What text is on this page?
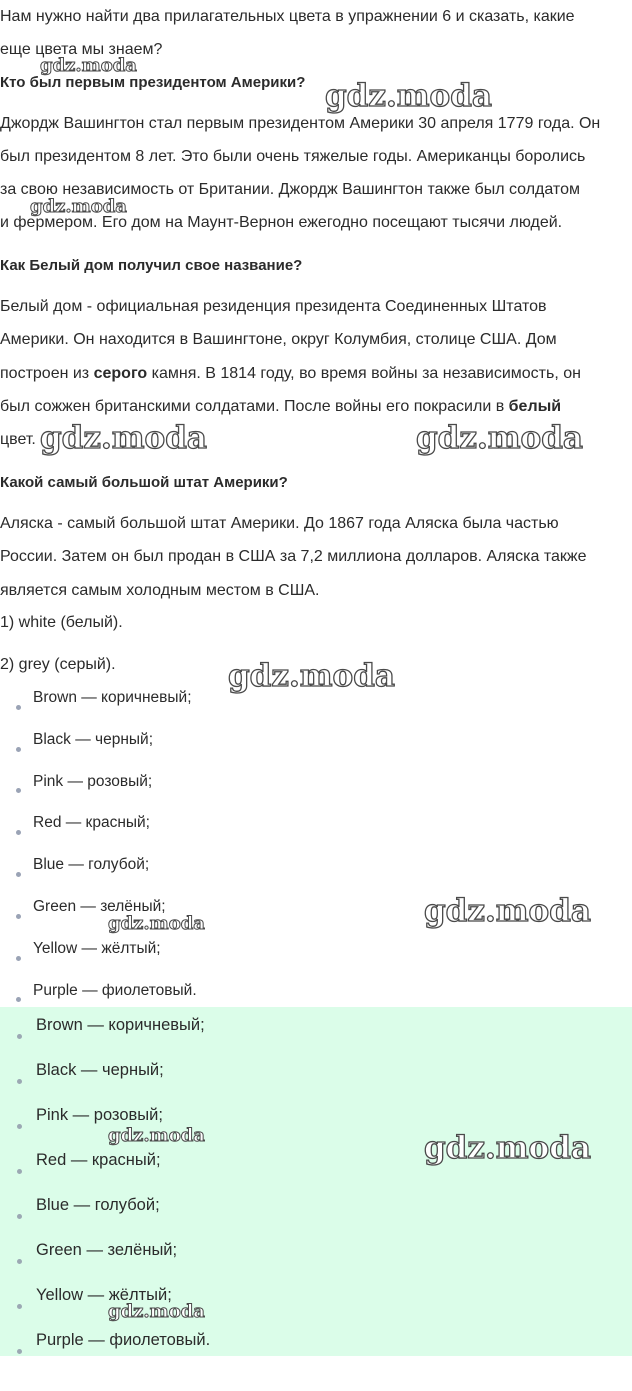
Нам нужно найти два прилагательных цвета в упражнении 6 и сказать, какие

еще цвета мы знаем?

Кто был первым президентом Америки?

Джордж Вашингтон стал первым президентом Америки 30 апреля 1779 года. Он

был президентом 8 лет. Это были очень тяжелые годы. Американцы боролись

за свою независимость от Британии. Джордж Вашингтон также был солдатом

и фермером. Его дом на Маунт-Вернон ежегодно посещают тысячи людей.

Как Белый дом получил свое название?

Белый дом - официальная резиденция президента Соединенных Штатов

Америки. Он находится в Вашингтоне, округ Колумбия, столице США. Дом

построен из серого камня. В 1814 году, во время войны за независимость, он

был сожжен британскими солдатами. После войны его покрасили в белый

цвет.

Какой самый большой штат Америки?

Аляска - самый большой штат Америки. До 1867 года Аляска была частью

России. Затем он был продан в США за 7,2 миллиона долларов. Аляска также

является самым холодным местом в США.

1) white (белый).

2) grey (серый).

Brown — коричневый;
Black — черный;
Pink — розовый;
Red — красный;
Blue — голубой;
Green — зелёный;
Yellow — жёлтый;
Purple — фиолетовый.
Brown — коричневый;
Black — черный;
Pink — розовый;
Red — красный;
Blue — голубой;
Green — зелёный;
Yellow — жёлтый;
Purple — фиолетовый.
gdz.moda
gdz.moda
gdz.moda
gdz.moda	gdz.moda
gdz.moda
gdz.moda
gdz.moda
gdz.moda	gdz.moda
gdz.moda
